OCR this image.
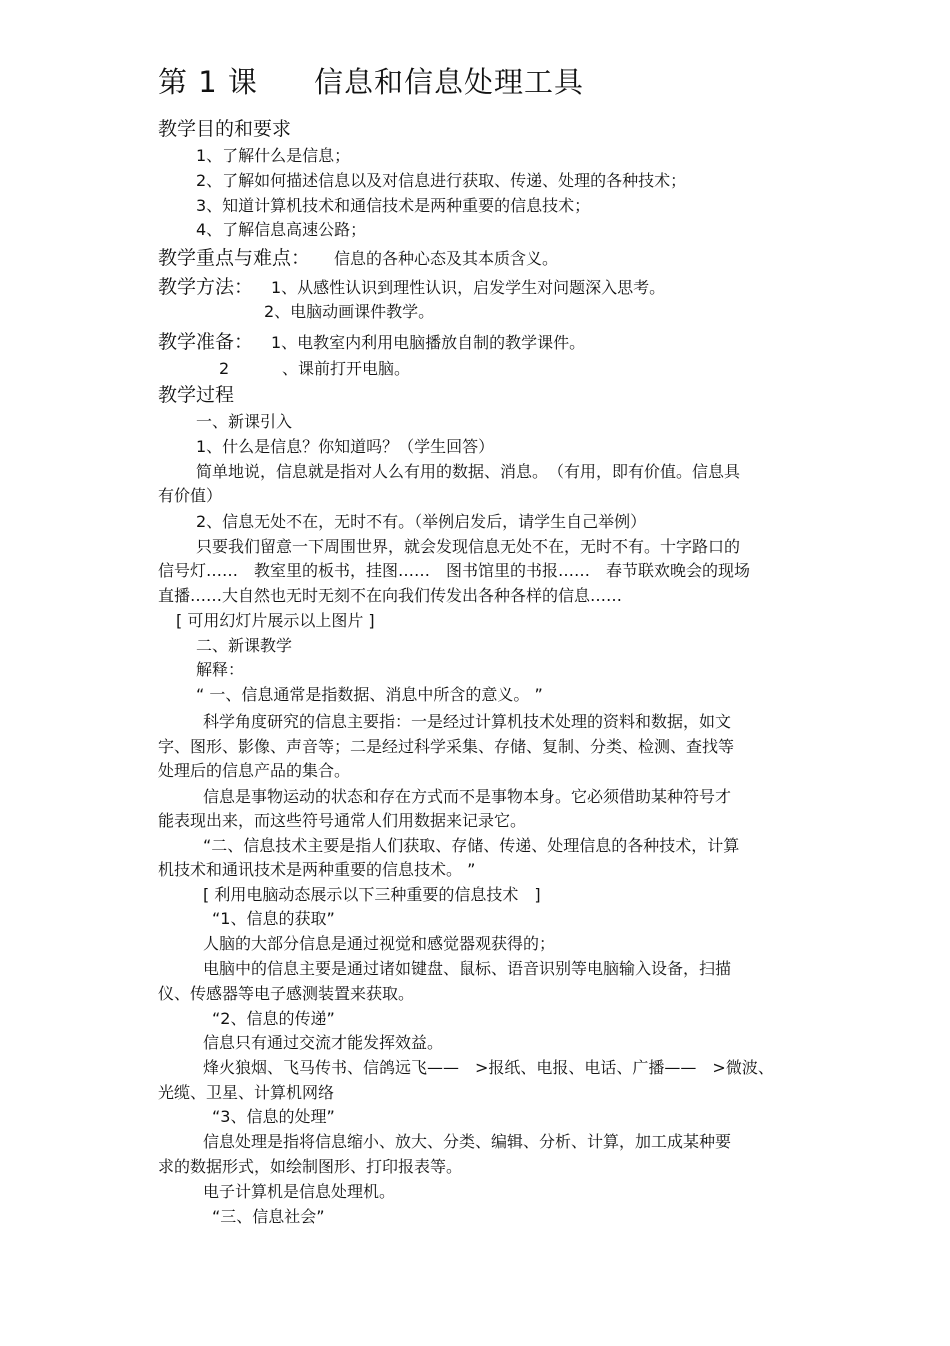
第 1 课 信息和信息处理工具
教学目的和要求
1、了解什么是信息；
2、了解如何描述信息以及对信息进行获取、传递、处理的各种技术；
3、知道计算机技术和通信技术是两种重要的信息技术；
4、了解信息高速公路；
教学重点与难点： 信息的各种心态及其本质含义。
教学方法： 1、从感性认识到理性认识，启发学生对问题深入思考。
2、电脑动画课件教学。
教学准备： 1、电教室内利用电脑播放自制的教学课件。
2	、课前打开电脑。
教学过程
一、新课引入
1、什么是信息？你知道吗？（学生回答）
简单地说，信息就是指对人么有用的数据、消息。　（有用，即有价值。信息具
有价值）
2、信息无处不在，无时不有。（举例启发后，请学生自己举例）
只要我们留意一下周围世界，就会发现信息无处不在，无时不有。十字路口的
信号灯……　教室里的板书，挂图……　图书馆里的书报……　春节联欢晚会的现场
直播……大自然也无时无刻不在向我们传发出各种各样的信息……
[ 可用幻灯片展示以上图片 ]
二、新课教学
解释：
“ 一、信息通常是指数据、消息中所含的意义。 ”
科学角度研究的信息主要指：一是经过计算机技术处理的资料和数据，如文
字、图形、影像、声音等；二是经过科学采集、存储、复制、分类、检测、查找等
处理后的信息产品的集合。
信息是事物运动的状态和存在方式而不是事物本身。它必须借助某种符号才
能表现出来，而这些符号通常人们用数据来记录它。
“二、信息技术主要是指人们获取、存储、传递、处理信息的各种技术，计算
机技术和通讯技术是两种重要的信息技术。 ”
[ 利用电脑动态展示以下三种重要的信息技术　]
“1、信息的获取”
人脑的大部分信息是通过视觉和感觉器观获得的；
电脑中的信息主要是通过诸如键盘、鼠标、语音识别等电脑输入设备，扫描
仪、传感器等电子感测装置来获取。
“2、信息的传递”
信息只有通过交流才能发挥效益。
烽火狼烟、飞马传书、信鸽远飞——　>报纸、电报、电话、广播——　>微波、
光缆、卫星、计算机网络
“3、信息的处理”
信息处理是指将信息缩小、放大、分类、编辑、分析、计算，加工成某种要
求的数据形式，如绘制图形、打印报表等。
电子计算机是信息处理机。
“三、信息社会”
